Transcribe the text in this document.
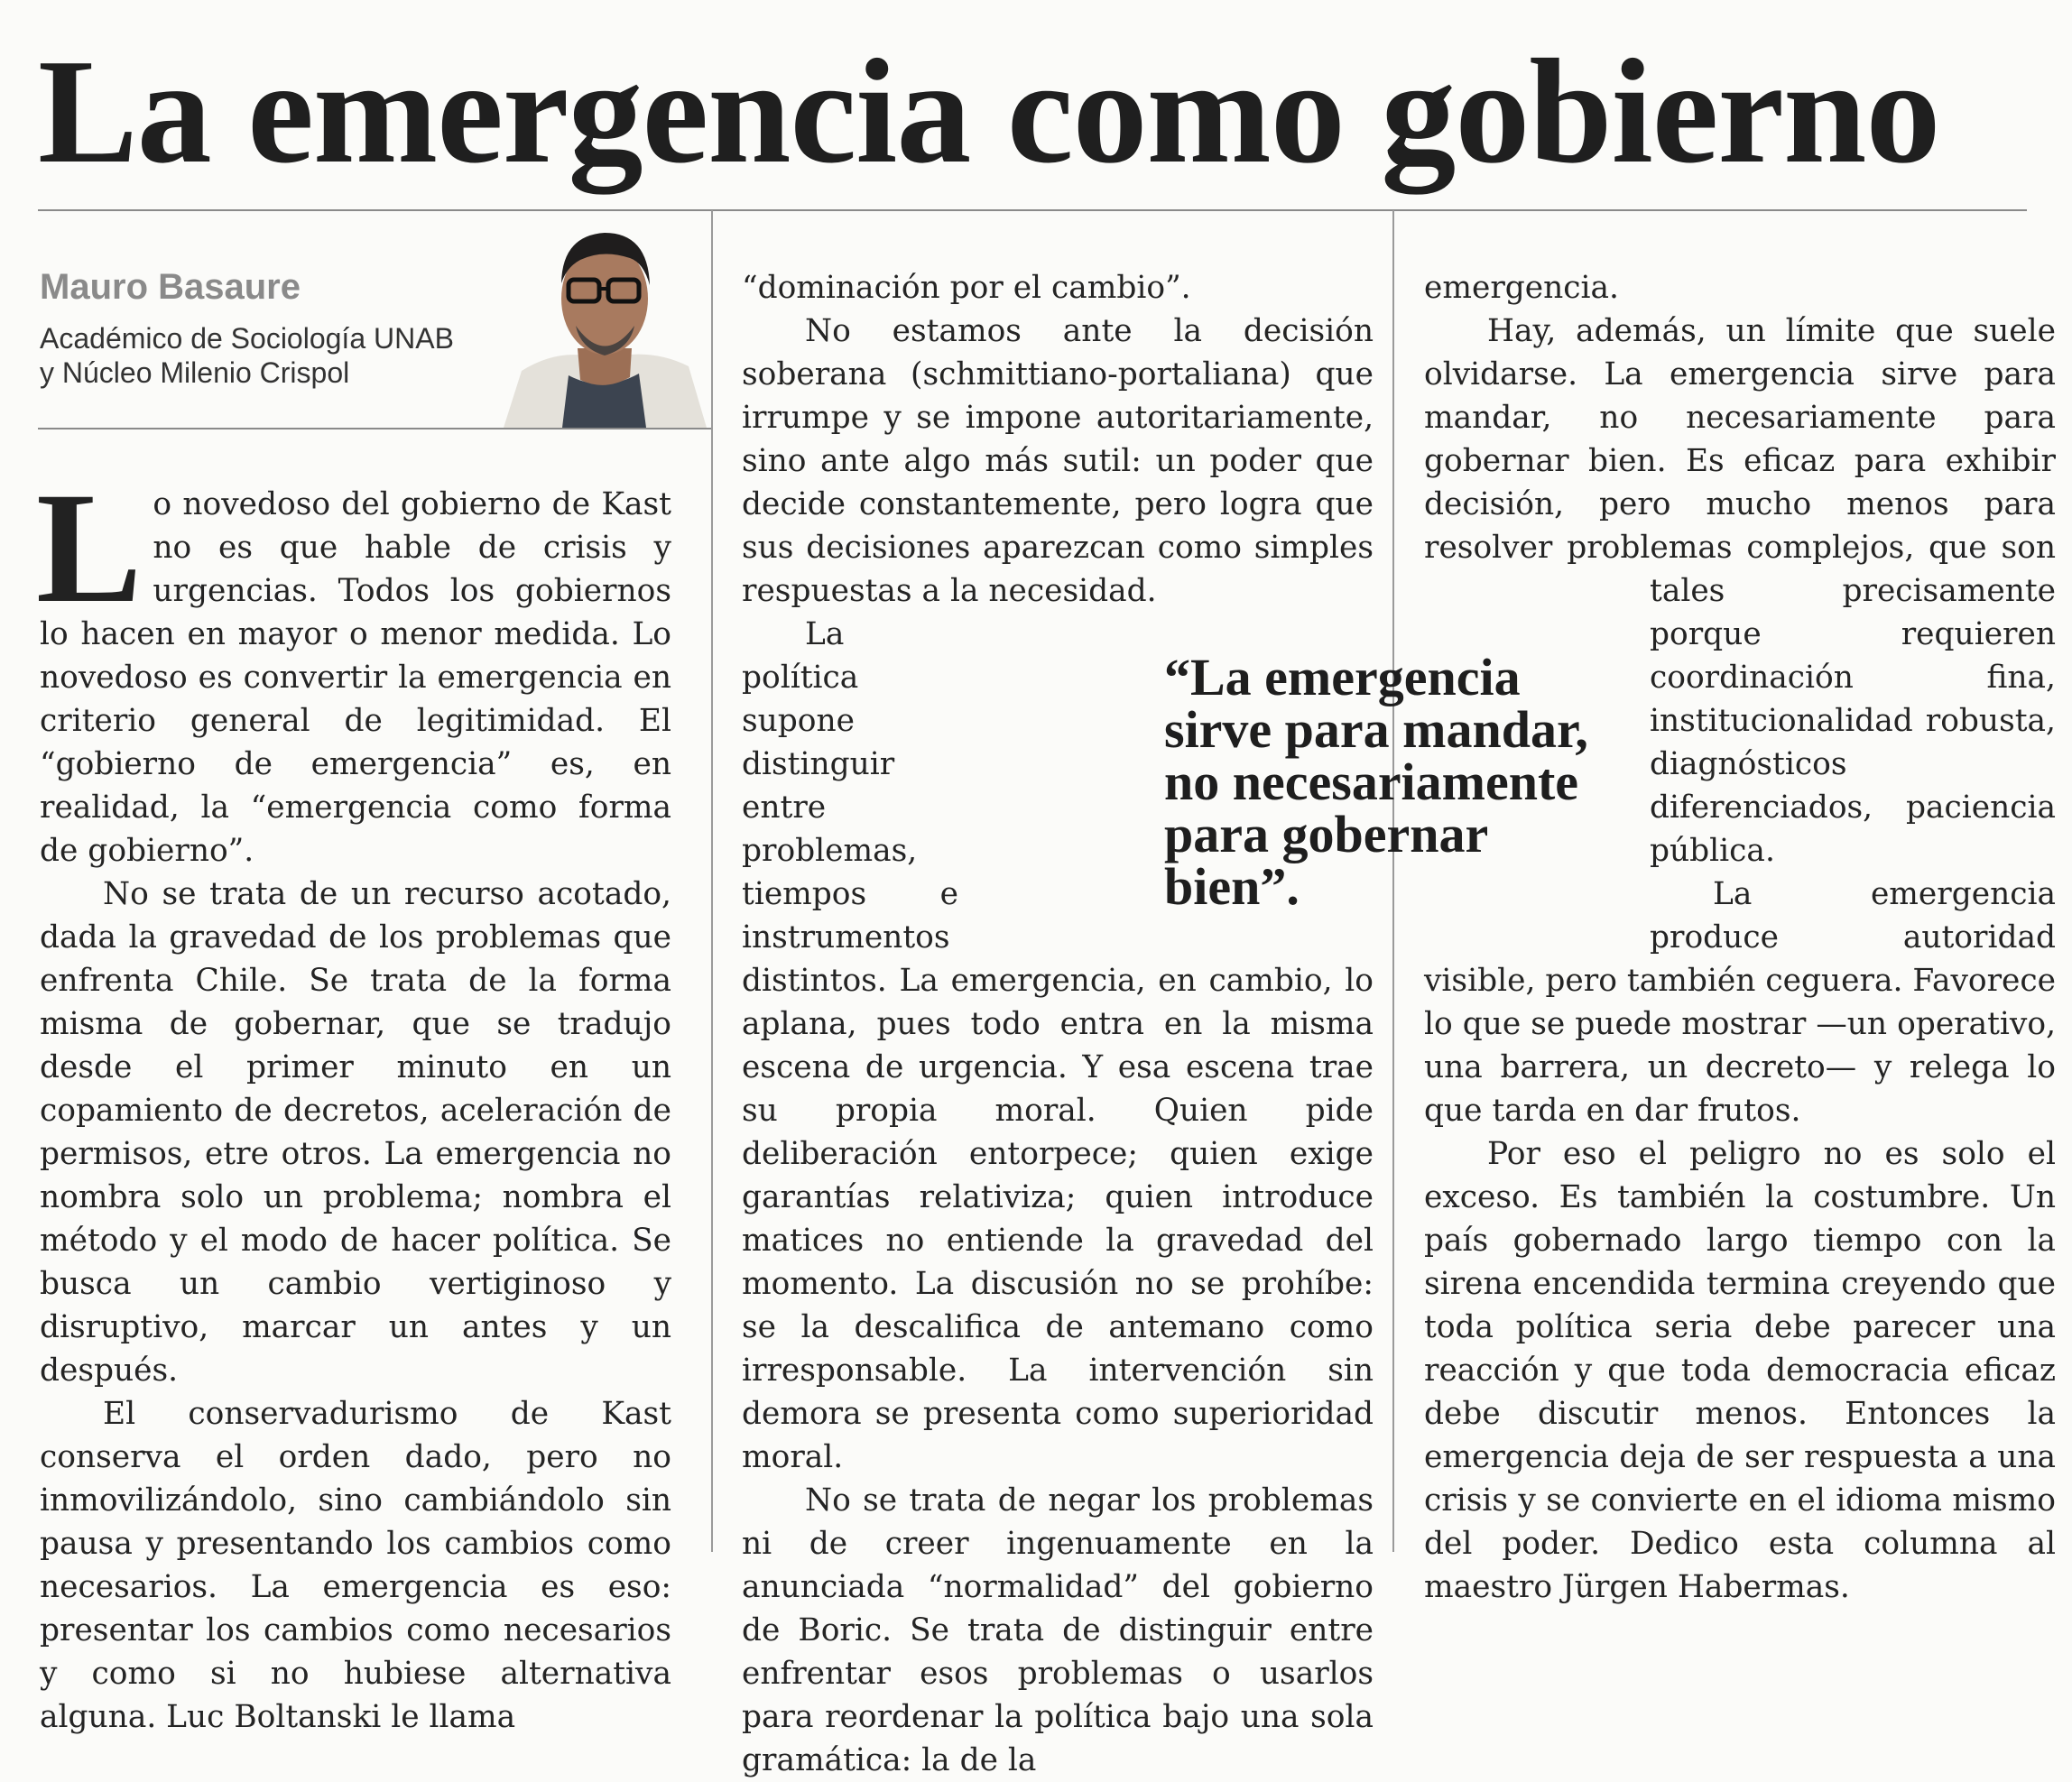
La emergencia como gobierno
Mauro Basaure
Académico de Sociología UNAB
y Núcleo Milenio Crispol

Lo novedoso del gobierno de Kast no es que hable de crisis y urgencias. Todos los gobiernos lo hacen en mayor o menor medida. Lo novedoso es convertir la emergencia en criterio general de legitimidad. El “gobierno de emergencia” es, en realidad, la “emergencia como forma de gobierno”.

No se trata de un recurso acotado, dada la gravedad de los problemas que enfrenta Chile. Se trata de la forma misma de gobernar, que se tradujo desde el primer minuto en un copamiento de decretos, aceleración de permisos, etre otros. La emergencia no nombra solo un problema; nombra el método y el modo de hacer política. Se busca un cambio vertiginoso y disruptivo, marcar un antes y un después.

El conservadurismo de Kast conserva el orden dado, pero no inmovilizándolo, sino cambiándolo sin pausa y presentando los cambios como necesarios. La emergencia es eso: presentar los cambios como necesarios y como si no hubiese alternativa alguna. Luc Boltanski le llama

“dominación por el cambio”.

No estamos ante la decisión soberana (schmittiano-portaliana) que irrumpe y se impone autoritariamente, sino ante algo más sutil: un poder que decide constantemente, pero logra que sus decisiones aparezcan como simples respuestas a la necesidad.

La política supone distinguir entre problemas, tiempos e instrumentos distintos. La emergencia, en cambio, lo aplana, pues todo entra en la misma escena de urgencia. Y esa escena trae su propia moral. Quien pide deliberación entorpece; quien exige garantías relativiza; quien introduce matices no entiende la gravedad del momento. La discusión no se prohíbe: se la descalifica de antemano como irresponsable. La intervención sin demora se presenta como superioridad moral.

No se trata de negar los problemas ni de creer ingenuamente en la anunciada “normalidad” del gobierno de Boric. Se trata de distinguir entre enfrentar esos problemas o usarlos para reordenar la política bajo una sola gramática: la de la

emergencia.

Hay, además, un límite que suele olvidarse. La emergencia sirve para mandar, no necesariamente para gobernar bien. Es eficaz para exhibir decisión, pero mucho menos para resolver problemas complejos, que son tales precisamente porque requieren coordinación fina, institucionalidad robusta, diagnósticos diferenciados, paciencia pública.

La emergencia produce autoridad visible, pero también ceguera. Favorece lo que se puede mostrar —un operativo, una barrera, un decreto— y relega lo que tarda en dar frutos.

Por eso el peligro no es solo el exceso. Es también la costumbre. Un país gobernado largo tiempo con la sirena encendida termina creyendo que toda política seria debe parecer una reacción y que toda democracia eficaz debe discutir menos. Entonces la emergencia deja de ser respuesta a una crisis y se convierte en el idioma mismo del poder. Dedico esta columna al maestro Jürgen Habermas.

“La emergencia
sirve para mandar,
no necesariamente
para gobernar
bien”.
